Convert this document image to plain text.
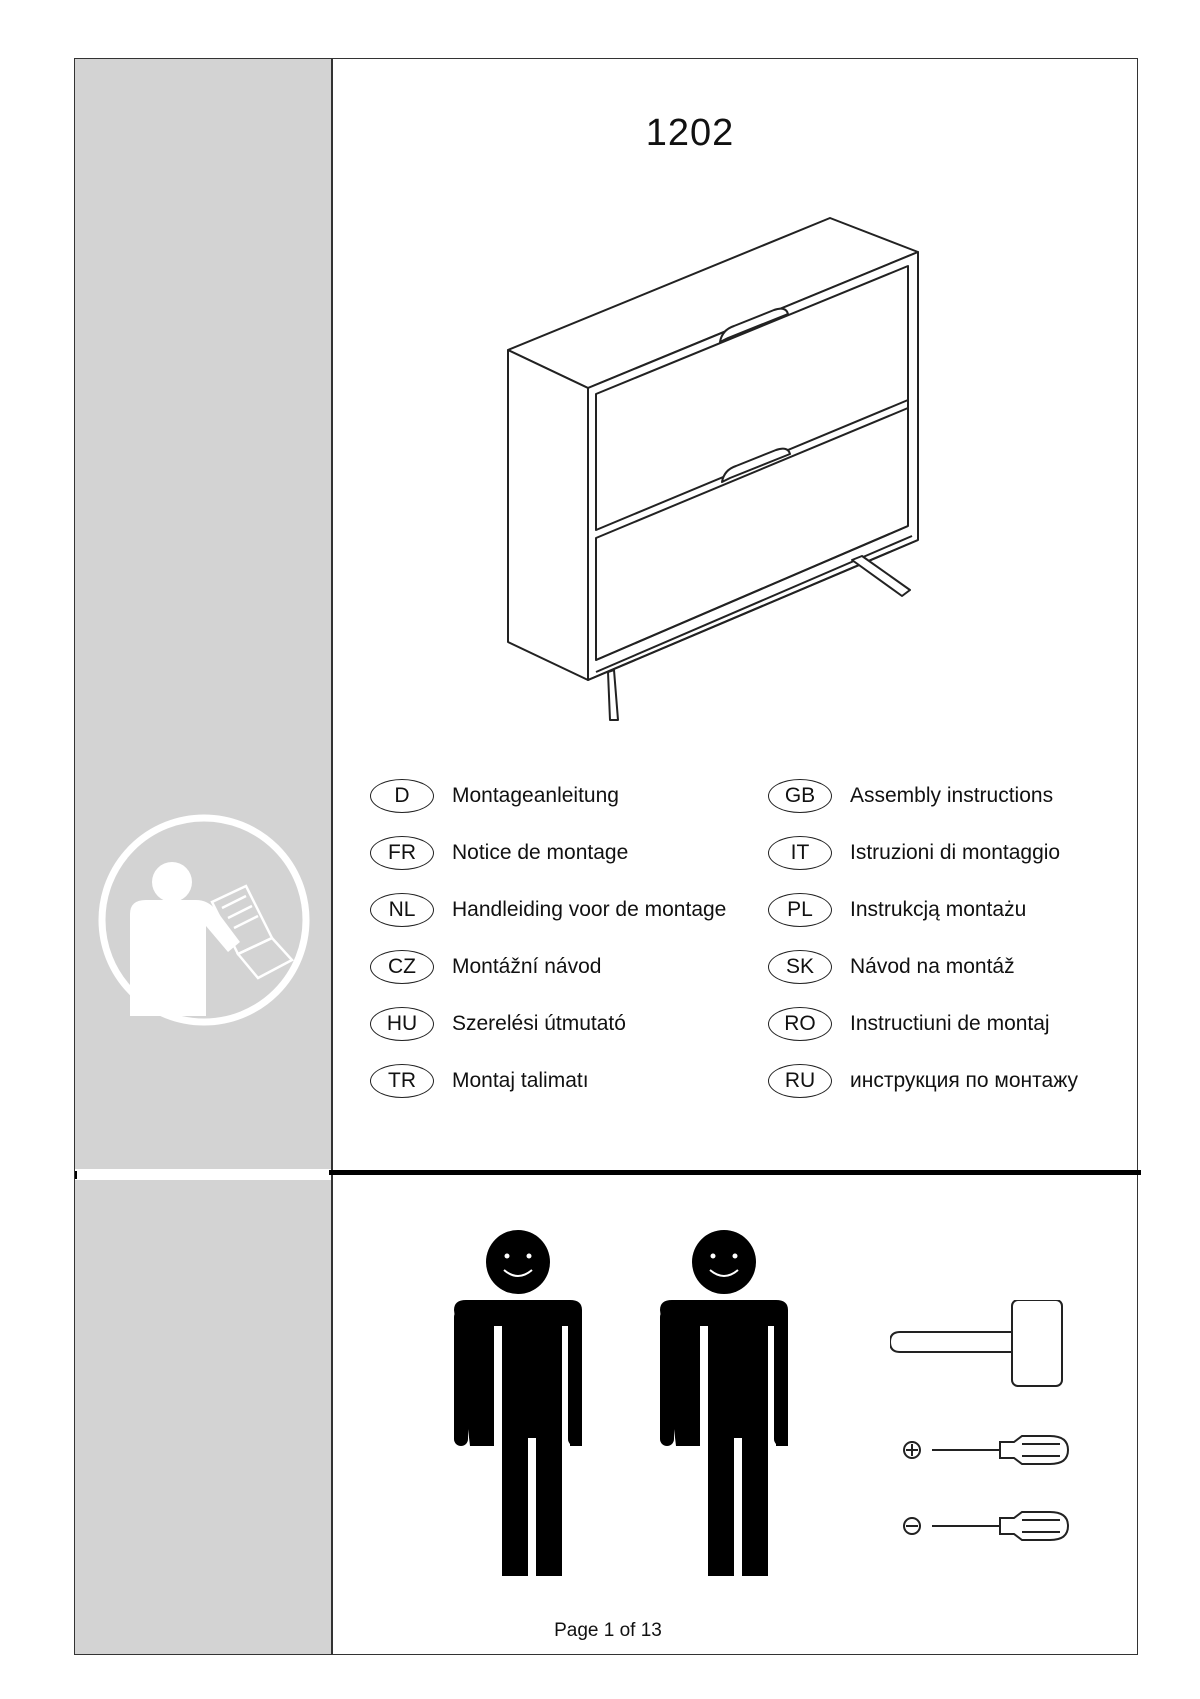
1202
D	Montageanleitung	GB	Assembly instructions
FR	Notice de montage	IT	Istruzioni di montaggio
NL	Handleiding voor de montage	PL	Instrukcją montażu
CZ	Montážní návod	SK	Návod na montáž
HU	Szerelési útmutató	RO	Instructiuni de montaj
TR	Montaj talimatı	RU	инструкция по монтажу
Page 1 of 13
